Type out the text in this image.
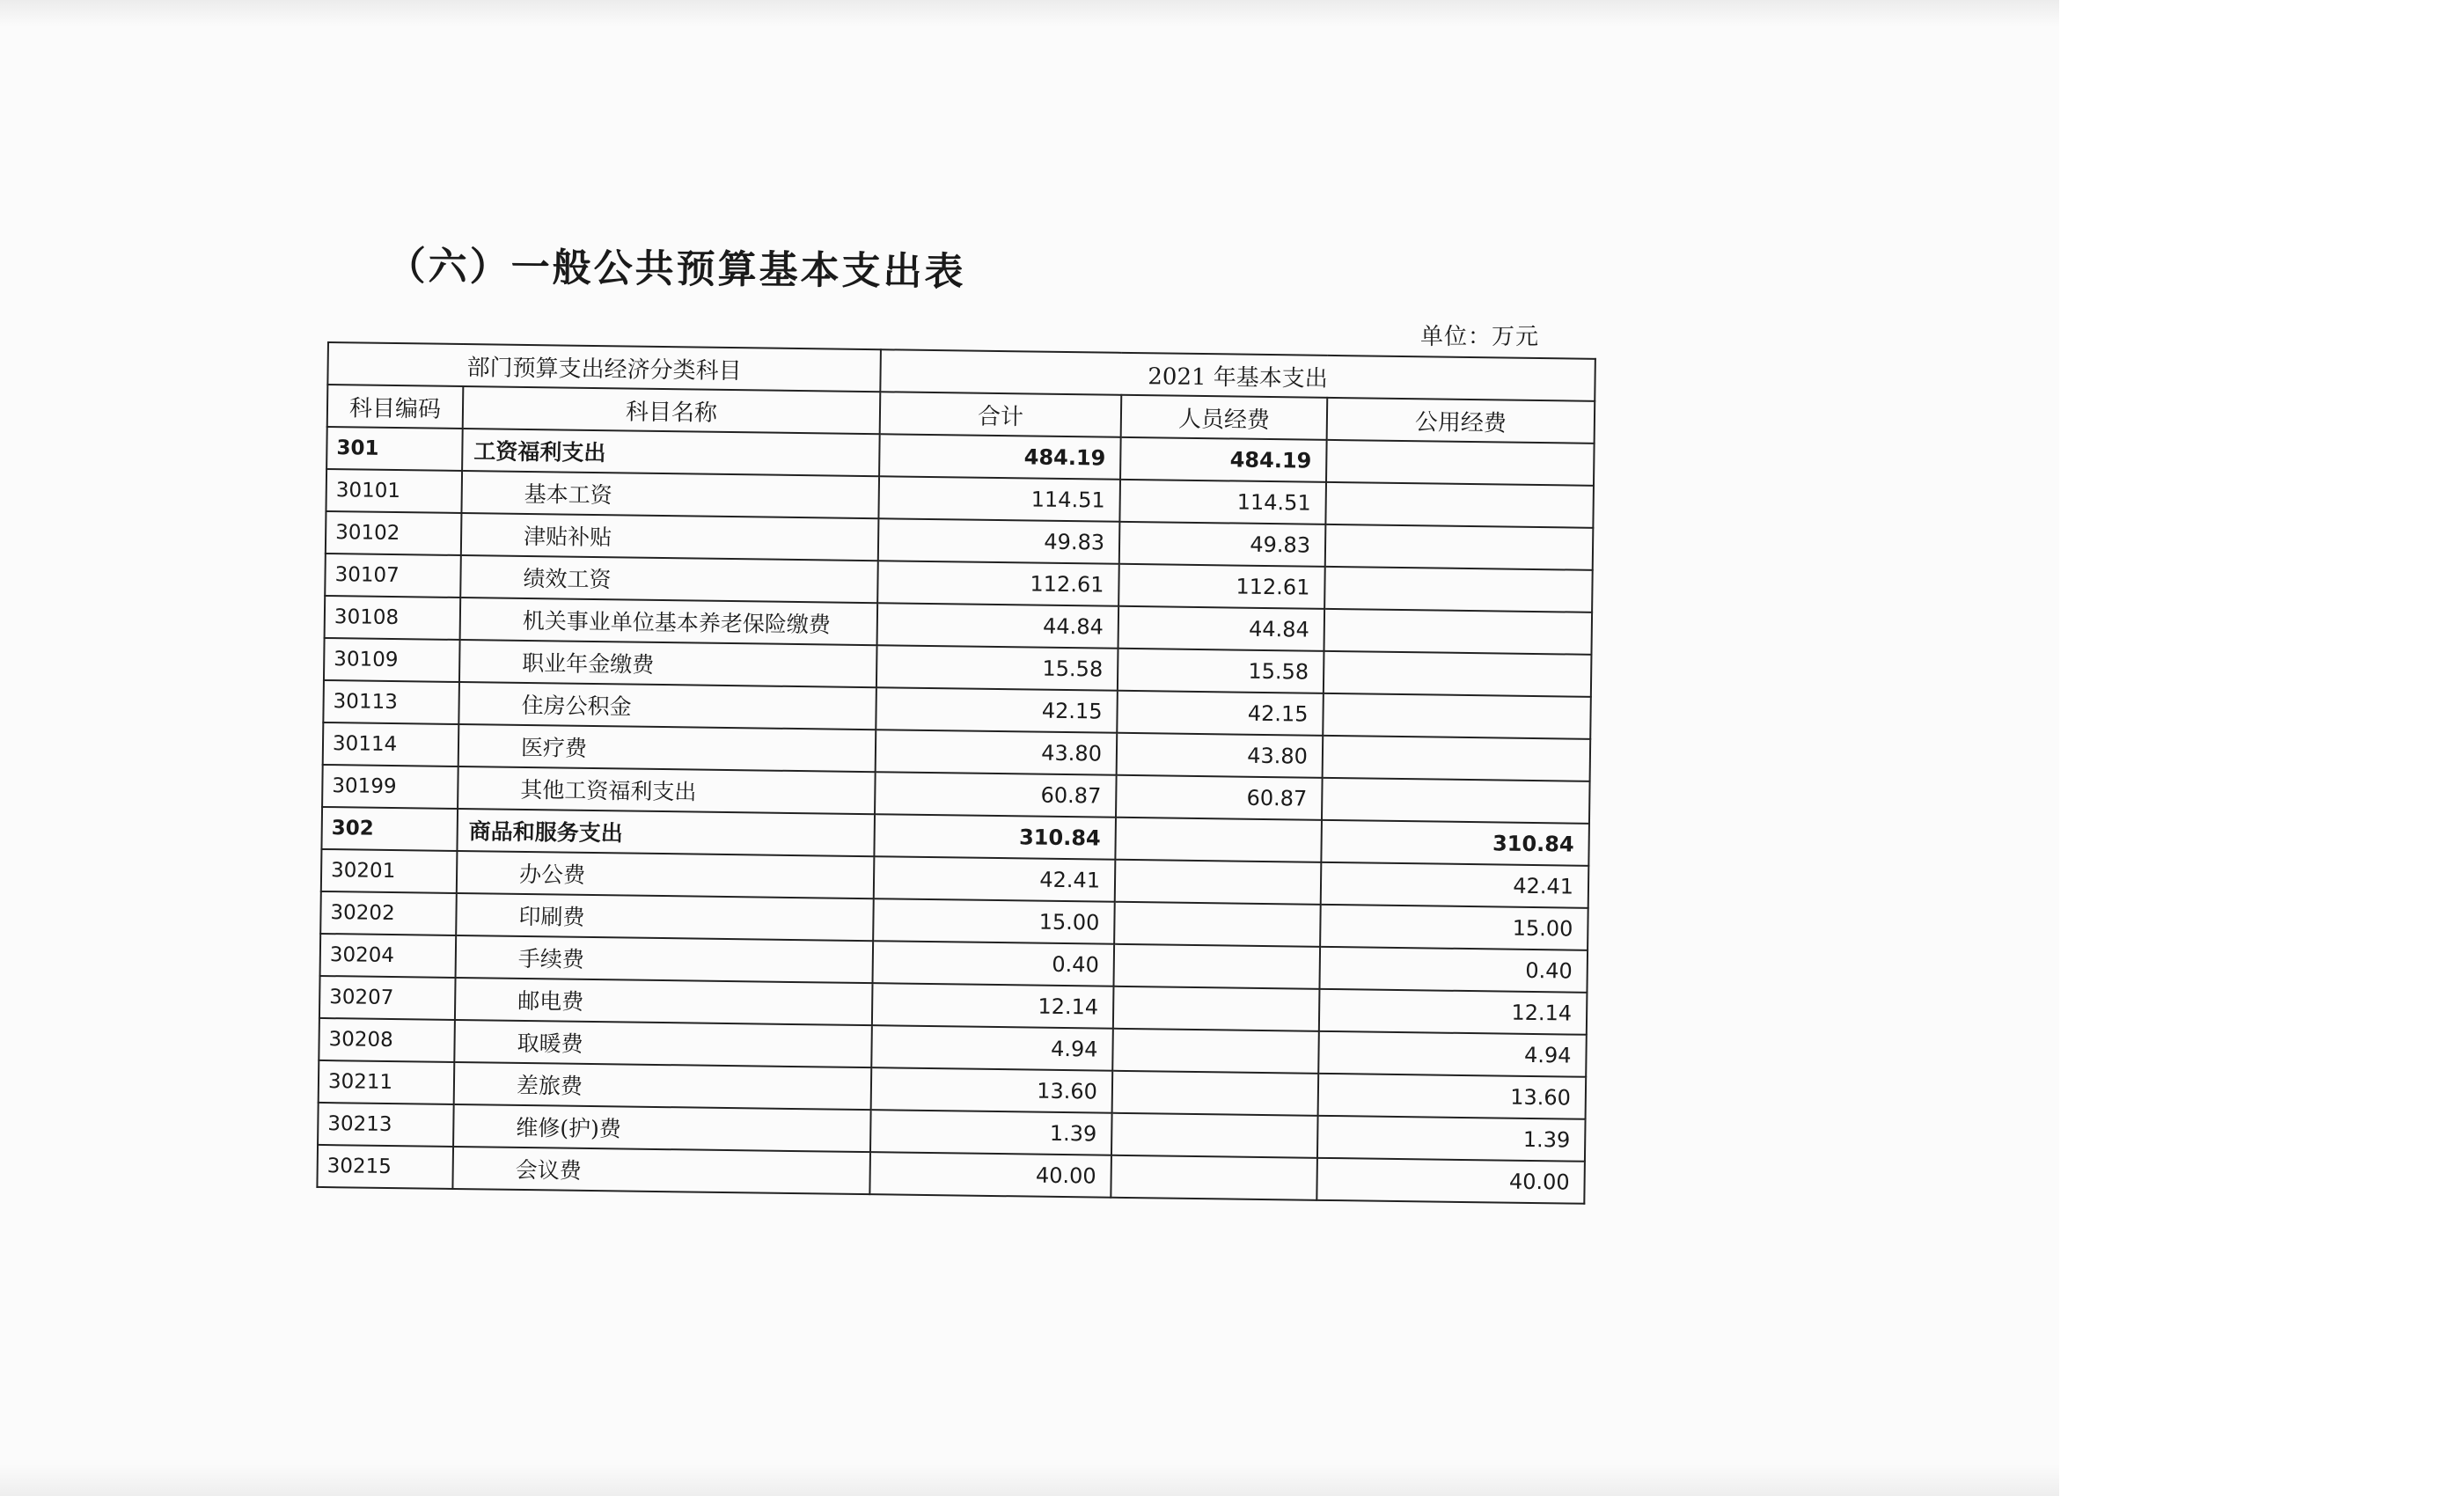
（六）一般公共预算基本支出表
单位：万元
部门预算支出经济分类科目		2021 年基本支出		
科目编码	科目名称	合计	人员经费	公用经费
301	工资福利支出	484.19	484.19	
30101	基本工资	114.51	114.51	
30102	津贴补贴	49.83	49.83	
30107	绩效工资	112.61	112.61	
30108	机关事业单位基本养老保险缴费	44.84	44.84	
30109	职业年金缴费	15.58	15.58	
30113	住房公积金	42.15	42.15	
30114	医疗费	43.80	43.80	
30199	其他工资福利支出	60.87	60.87	
302	商品和服务支出	310.84		310.84
30201	办公费	42.41		42.41
30202	印刷费	15.00		15.00
30204	手续费	0.40		0.40
30207	邮电费	12.14		12.14
30208	取暖费	4.94		4.94
30211	差旅费	13.60		13.60
30213	维修(护)费	1.39		1.39
30215	会议费	40.00		40.00
